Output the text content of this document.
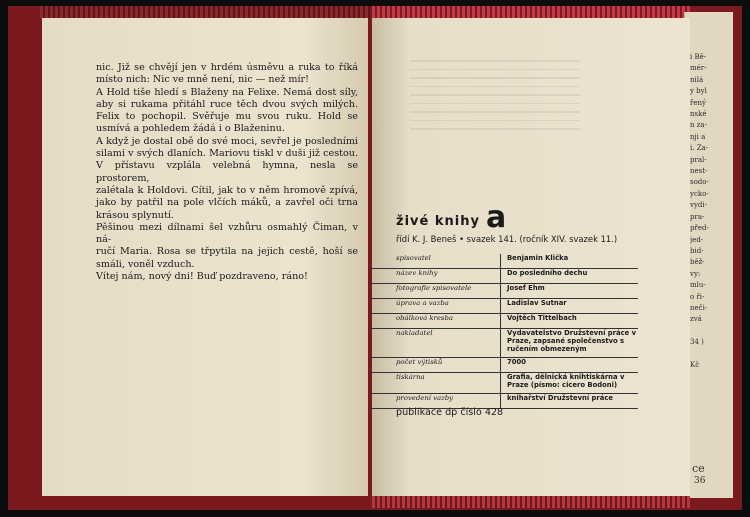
nic. Již se chvějí jen v hrdém úsměvu a ruka to říká
místo nich: Nic ve mně není, nic — než mír!
A Hold tiše hledí s Blaženy na Felixe. Nemá dost síly,
aby si rukama přitáhl ruce těch dvou svých milých.
Felix to pochopil. Svěřuje mu svou ruku. Hold se
usmívá a pohledem žádá i o Blaženinu.
A když je dostal obě do své moci, sevřel je posledními
silami v svých dlaních. Mariovu tiskl v duši již cestou.
V přístavu vzplála velebná hymna, nesla se prostorem,
zalétala k Holdovi. Cítil, jak to v něm hromově zpívá,
jako by patřil na pole vlčích máků, a zavřel oči trna
krásou splynutí.
Pěšinou mezi dílnami šel vzhůru osmahlý Čiman, v ná-
ručí Maria. Rosa se třpytila na jejich cestě, hoší se
smáli, voněl vzduch.
Vítej nám, nový dni! Buď pozdraveno, ráno!
živé knihy a
řídí K. J. Beneš • svazek 141. (ročník XIV. svazek 11.)
spisovatel	Benjamin Klička
název knihy	Do posledního dechu
fotografie spisovatele	Josef Ehm
úprava a vazba	Ladislav Sutnar
obálková kresba	Vojtěch Tittelbach
nakladatel	Vydavatelstvo Družstevní práce v Praze, zapsané společenstvo s ručením obmezeným
počet výtisků	7000
tiskárna	Grafia, dělnická knihtiskárna v Praze (písmo: cicero Bodoni)
provedení vazby	knihařství Družstevní práce
publikace dp číslo 428
i Bě-
mér-
nilá
y byl
řený
nské
n za-
nji a
i. Za-
pral-
nest-
sodo-
ycko-
vydi-
pra-
před-
jed-
bid-
běž-
vy:
mlu-
o ři-
neči-
zvá

34 )

Kč
ce
36
